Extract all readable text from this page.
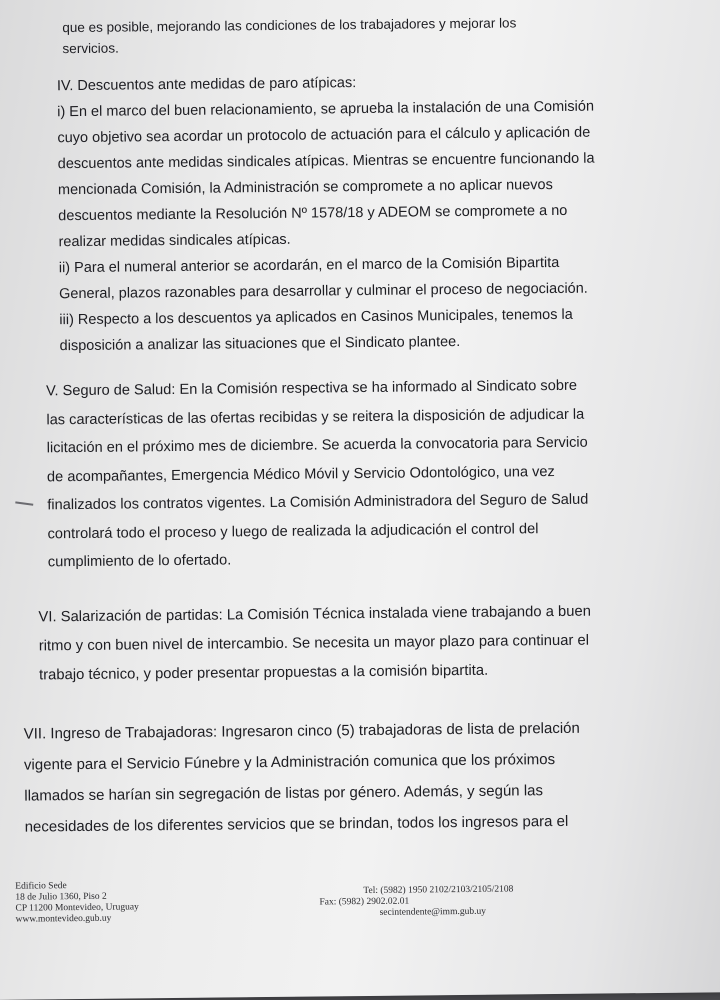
que es posible, mejorando las condiciones de los trabajadores y mejorar los
servicios.
IV. Descuentos ante medidas de paro atípicas:
i) En el marco del buen relacionamiento, se aprueba la instalación de una Comisión
cuyo objetivo sea acordar un protocolo de actuación para el cálculo y aplicación de
descuentos ante medidas sindicales atípicas. Mientras se encuentre funcionando la
mencionada Comisión, la Administración se compromete a no aplicar nuevos
descuentos mediante la Resolución Nº 1578/18 y ADEOM se compromete a no
realizar medidas sindicales atípicas.
ii) Para el numeral anterior se acordarán, en el marco de la Comisión Bipartita
General, plazos razonables para desarrollar y culminar el proceso de negociación.
iii) Respecto a los descuentos ya aplicados en Casinos Municipales, tenemos la
disposición a analizar las situaciones que el Sindicato plantee.
V. Seguro de Salud: En la Comisión respectiva se ha informado al Sindicato sobre
las características de las ofertas recibidas y se reitera la disposición de adjudicar la
licitación en el próximo mes de diciembre. Se acuerda la convocatoria para Servicio
de acompañantes, Emergencia Médico Móvil y Servicio Odontológico, una vez
finalizados los contratos vigentes. La Comisión Administradora del Seguro de Salud
controlará todo el proceso y luego de realizada la adjudicación el control del
cumplimiento de lo ofertado.
VI. Salarización de partidas: La Comisión Técnica instalada viene trabajando a buen
ritmo y con buen nivel de intercambio. Se necesita un mayor plazo para continuar el
trabajo técnico, y poder presentar propuestas a la comisión bipartita.
VII. Ingreso de Trabajadoras: Ingresaron cinco (5) trabajadoras de lista de prelación
vigente para el Servicio Fúnebre y la Administración comunica que los próximos
llamados se harían sin segregación de listas por género. Además, y según las
necesidades de los diferentes servicios que se brindan, todos los ingresos para el
Edificio Sede
18 de Julio 1360, Piso 2
CP 11200 Montevideo, Uruguay
www.montevideo.gub.uy
Tel: (5982) 1950 2102/2103/2105/2108
Fax: (5982) 2902.02.01
secintendente@imm.gub.uy
